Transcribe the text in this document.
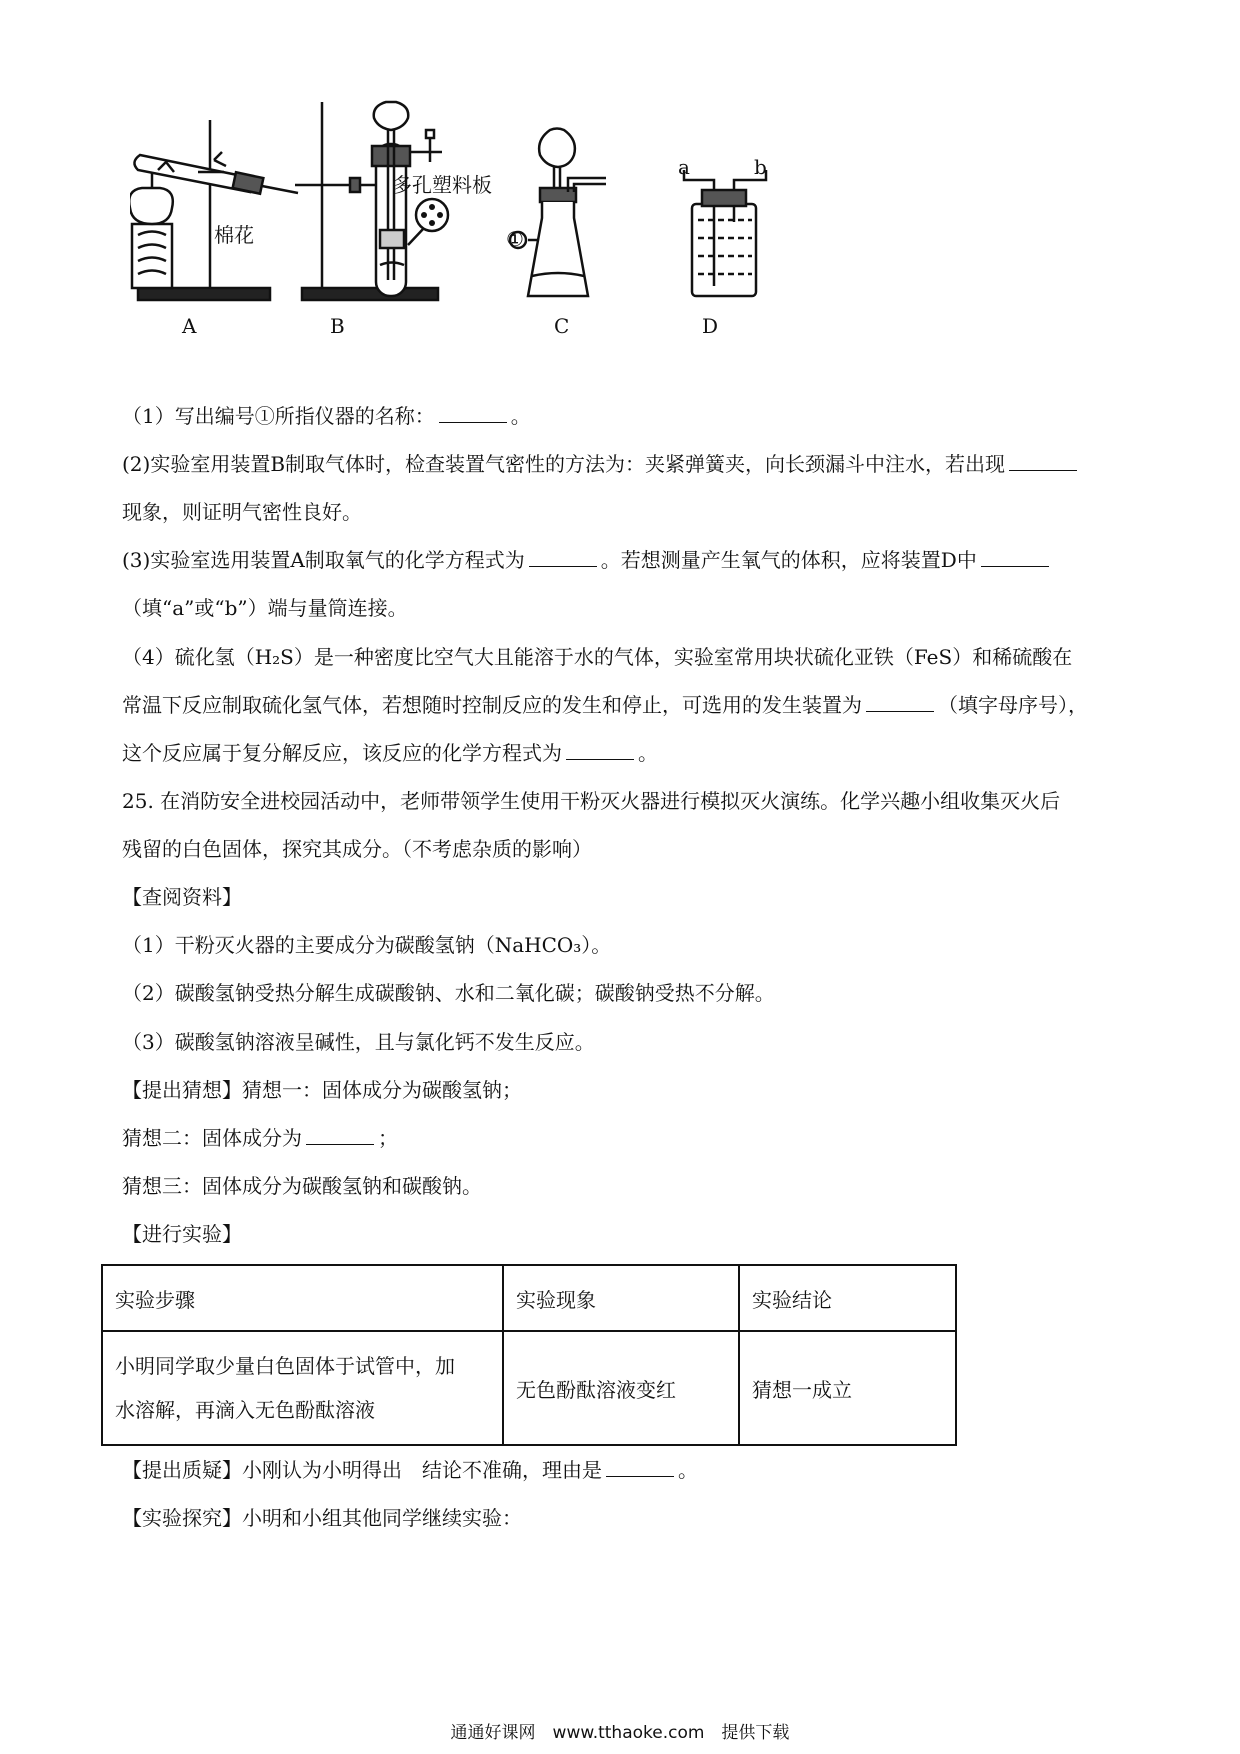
棉花
多孔塑料板
①
a	b
A	B	C	D
（1）写出编号①所指仪器的名称：	。
(2)实验室用装置B制取气体时，检查装置气密性的方法为：夹紧弹簧夹，向长颈漏斗中注水，若出现
现象，则证明气密性良好。
(3)实验室选用装置A制取氧气的化学方程式为	。若想测量产生氧气的体积，应将装置D中
（填“a”或“b”）端与量筒连接。
（4）硫化氢（H₂S）是一种密度比空气大且能溶于水的气体，实验室常用块状硫化亚铁（FeS）和稀硫酸在
常温下反应制取硫化氢气体，若想随时控制反应的发生和停止，可选用的发生装置为	（填字母序号），
这个反应属于复分解反应，该反应的化学方程式为	。
25. 在消防安全进校园活动中，老师带领学生使用干粉灭火器进行模拟灭火演练。化学兴趣小组收集灭火后
残留的白色固体，探究其成分。（不考虑杂质的影响）
【查阅资料】
（1）干粉灭火器的主要成分为碳酸氢钠（NaHCO₃）。
（2）碳酸氢钠受热分解生成碳酸钠、水和二氧化碳；碳酸钠受热不分解。
（3）碳酸氢钠溶液呈碱性，且与氯化钙不发生反应。
【提出猜想】猜想一：固体成分为碳酸氢钠；
猜想二：固体成分为	；
猜想三：固体成分为碳酸氢钠和碳酸钠。
【进行实验】
实验步骤	实验现象	实验结论

小明同学取少量白色固体于试管中，加
水溶解，再滴入无色酚酞溶液	无色酚酞溶液变红	猜想一成立
【提出质疑】小刚认为小明得出　结论不准确，理由是	。
【实验探究】小明和小组其他同学继续实验：
通通好课网　www.tthaoke.com　提供下载
